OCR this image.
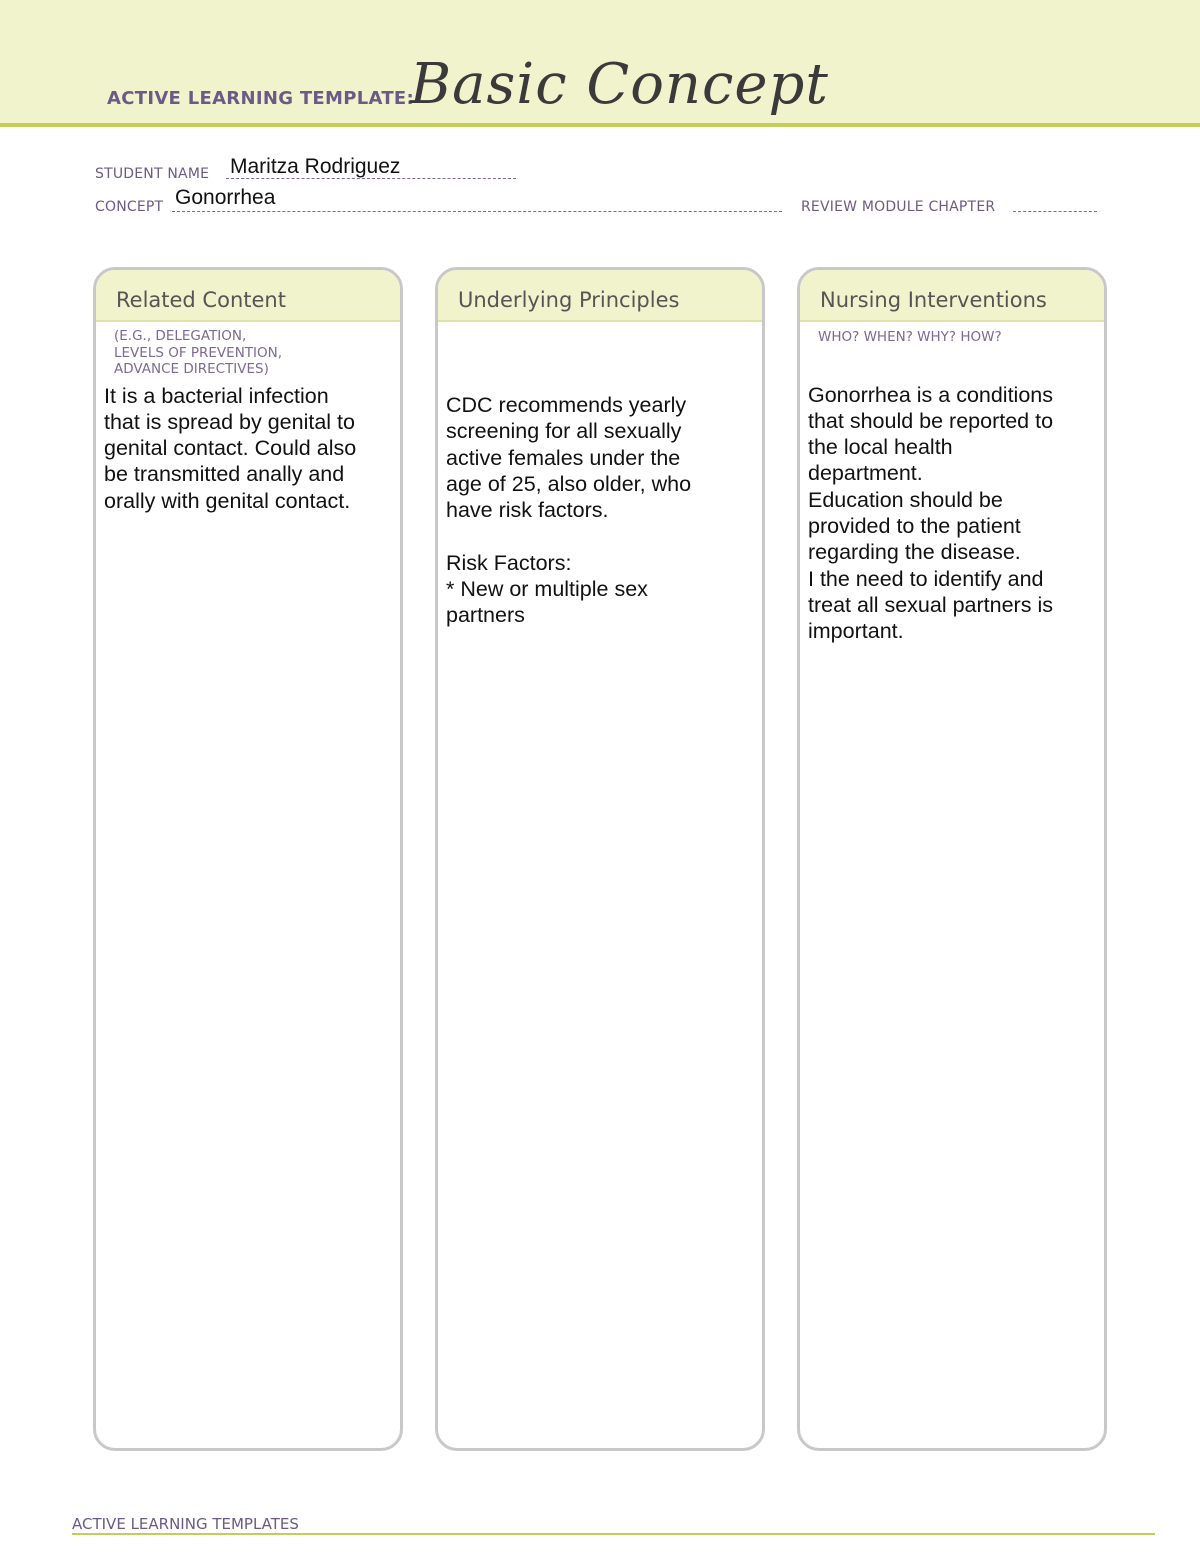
ACTIVE LEARNING TEMPLATE:
Basic Concept
STUDENT NAME Maritza Rodriguez
CONCEPT Gonorrhea	REVIEW MODULE CHAPTER
Related Content
(E.G., DELEGATION,
LEVELS OF PREVENTION,
ADVANCE DIRECTIVES)
It is a bacterial infection
that is spread by genital to
genital contact. Could also
be transmitted anally and
orally with genital contact.
Underlying Principles
CDC recommends yearly
screening for all sexually
active females under the
age of 25, also older, who
have risk factors.

Risk Factors:
* New or multiple sex
partners
Nursing Interventions
WHO? WHEN? WHY? HOW?
Gonorrhea is a conditions
that should be reported to
the local health
department.
Education should be
provided to the patient
regarding the disease.
I the need to identify and
treat all sexual partners is
important.
ACTIVE LEARNING TEMPLATES
